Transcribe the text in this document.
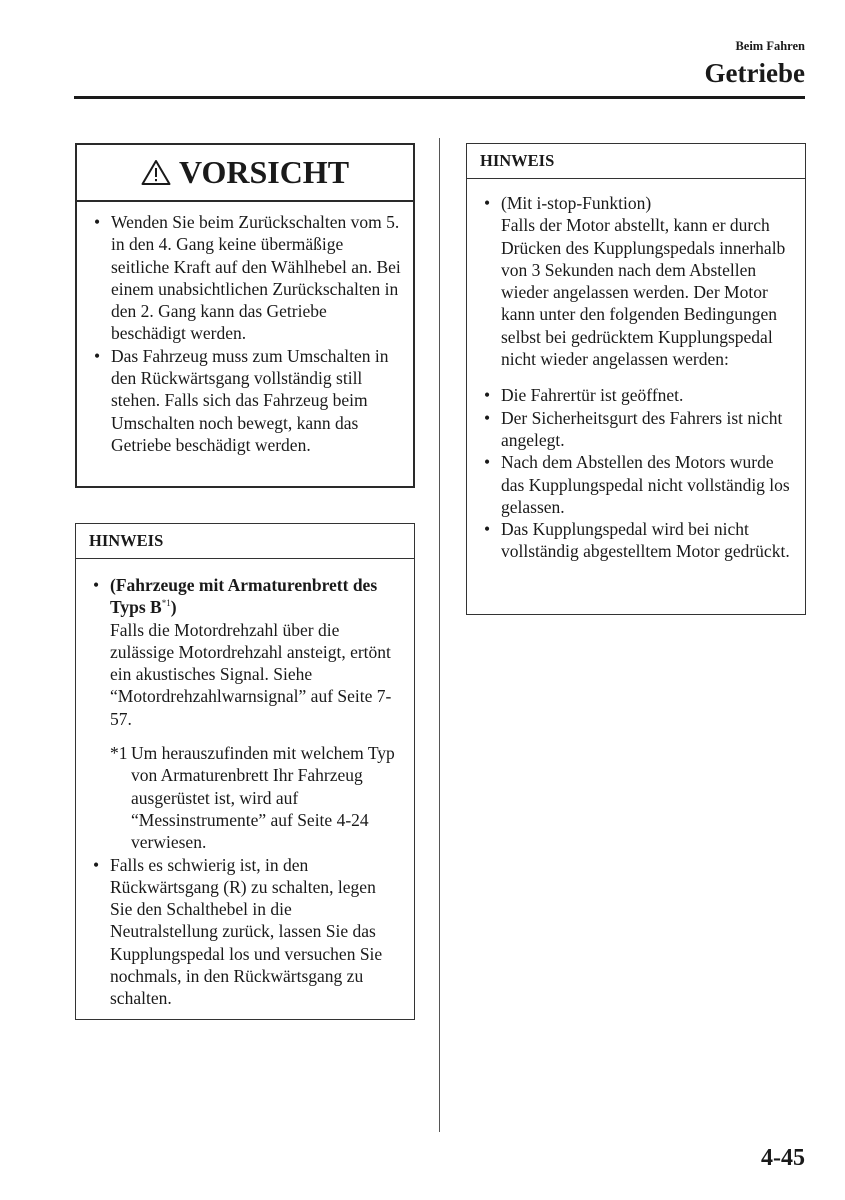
Beim Fahren
Getriebe
VORSICHT
• Wenden Sie beim Zurückschalten vom 5. in den 4. Gang keine übermäßige seitliche Kraft auf den Wählhebel an. Bei einem unabsichtlichen Zurückschalten in den 2. Gang kann das Getriebe beschädigt werden.

• Das Fahrzeug muss zum Umschalten in den Rückwärtsgang vollständig still stehen. Falls sich das Fahrzeug beim Umschalten noch bewegt, kann das Getriebe beschädigt werden.

HINWEIS
• (Fahrzeuge mit Armaturenbrett des Typs $B^{*1}$)

Falls die Motordrehzahl über die zulässige Motordrehzahl ansteigt, ertönt ein akustisches Signal. Siehe “Motordrehzahlwarnsignal” auf Seite 7-57.

*1 Um herauszufinden mit welchem Typ von Armaturenbrett Ihr Fahrzeug ausgerüstet ist, wird auf “Messinstrumente” auf Seite 4-24 verwiesen.

• Falls es schwierig ist, in den Rückwärtsgang (R) zu schalten, legen Sie den Schalthebel in die Neutralstellung zurück, lassen Sie das Kupplungspedal los und versuchen Sie nochmals, in den Rückwärtsgang zu schalten.

HINWEIS
• (Mit i-stop-Funktion)

Falls der Motor abstellt, kann er durch Drücken des Kupplungspedals innerhalb von 3 Sekunden nach dem Abstellen wieder angelassen werden. Der Motor kann unter den folgenden Bedingungen selbst bei gedrücktem Kupplungspedal nicht wieder angelassen werden:

• Die Fahrertür ist geöffnet.

• Der Sicherheitsgurt des Fahrers ist nicht angelegt.

• Nach dem Abstellen des Motors wurde das Kupplungspedal nicht vollständig los gelassen.

• Das Kupplungspedal wird bei nicht vollständig abgestelltem Motor gedrückt.

4-45
